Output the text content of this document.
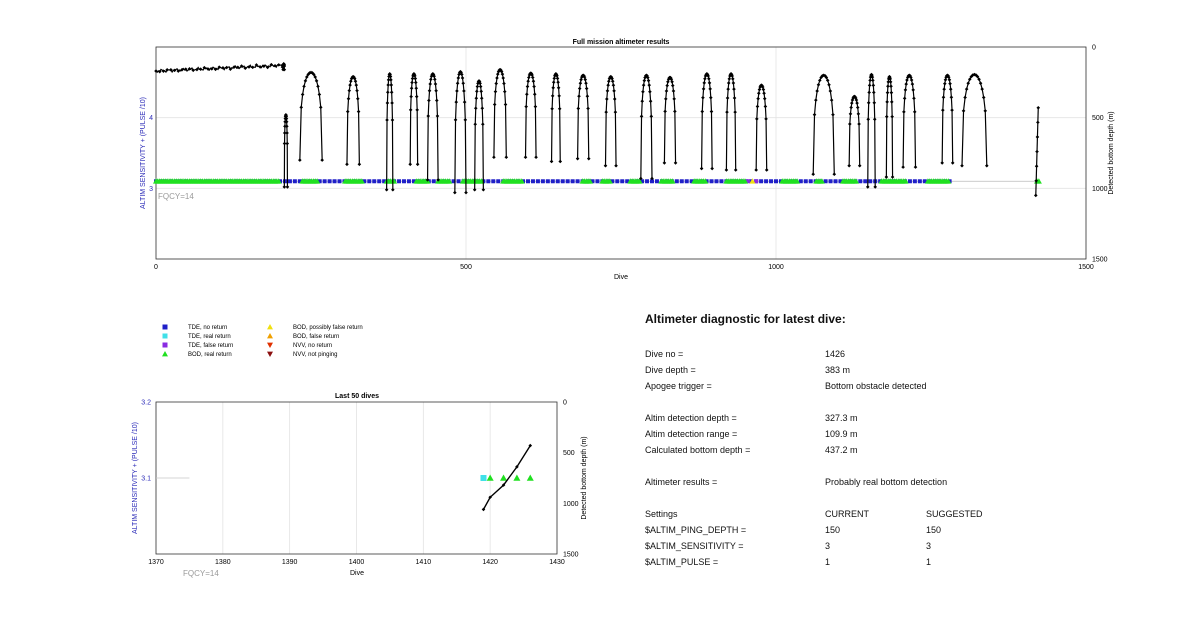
Full mission altimeter results
Dive
ALTIM SENSITIVITY + (PULSE /10)	Detected bottom depth (m)
FQCY=14
0	500	1000	1500
0
500
1000
1500
3
4
TDE, no return
TDE, real return
TDE, false return
BOD, real return
BOD, possibly false return
BOD, false return
NVV, no return
NVV, not pinging
Last 50 dives
Dive
ALTIM SENSITIVITY + (PULSE /10)	Detected bottom depth (m)
FQCY=14
1370	1380	1390	1400	1410	1420	1430
0
500
1000
1500
3.1
3.2
Altimeter diagnostic for latest dive:
Dive no =	1426
Dive depth =	383 m
Apogee trigger =	Bottom obstacle detected
Altim detection depth =	327.3 m
Altim detection range =	109.9 m
Calculated bottom depth =	437.2 m
Altimeter results =	Probably real bottom detection
Settings	CURRENT	SUGGESTED
$ALTIM_PING_DEPTH =	150	150
$ALTIM_SENSITIVITY =	3	3
$ALTIM_PULSE =	1	1
